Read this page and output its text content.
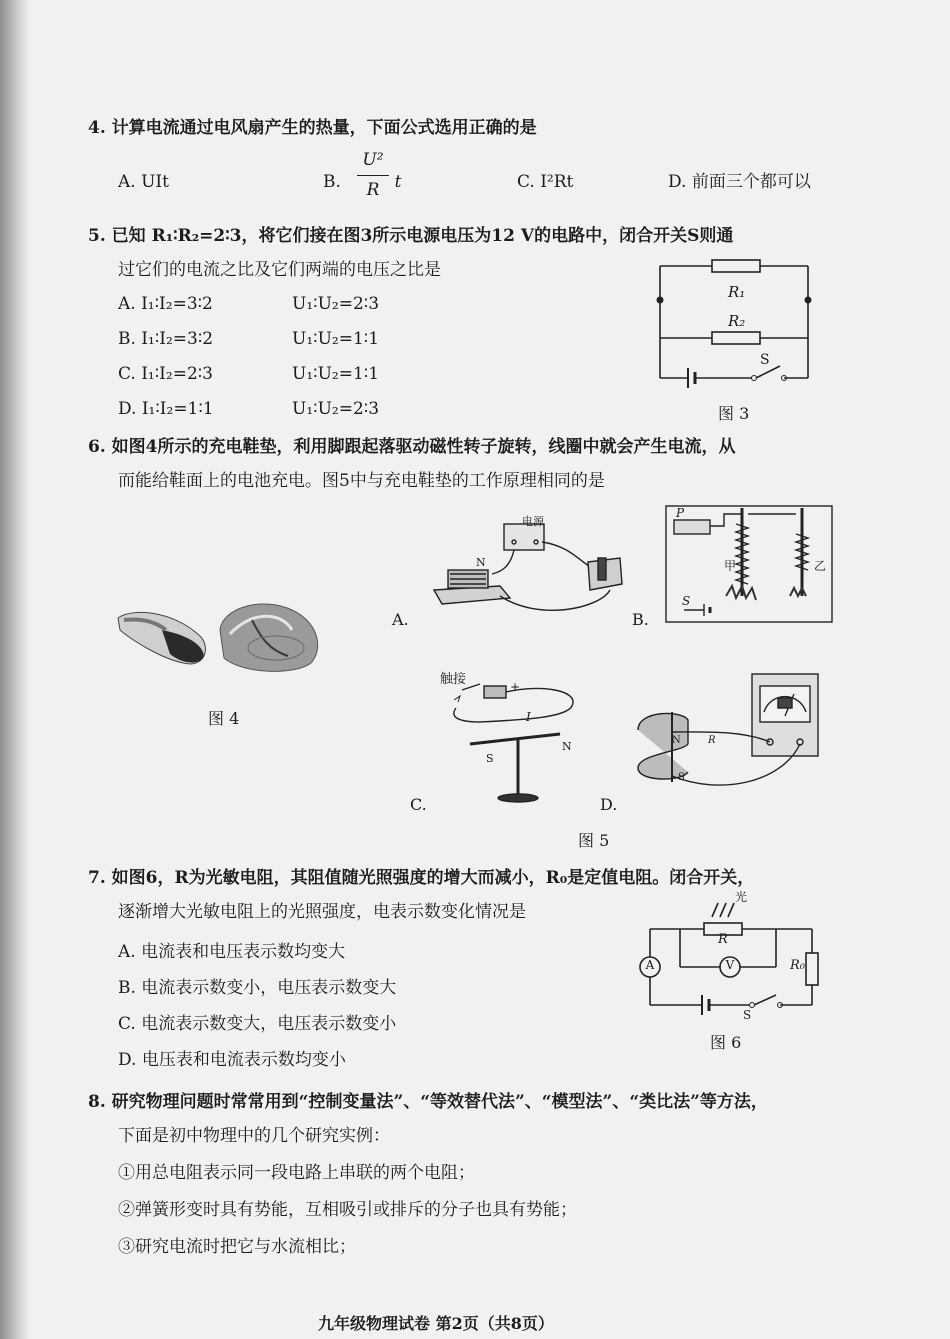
4. 计算电流通过电风扇产生的热量，下面公式选用正确的是
A. UIt	B.
U²
R t	C. I²Rt	D. 前面三个都可以
5. 已知 R₁∶R₂=2∶3，将它们接在图3所示电源电压为12 V的电路中，闭合开关S则通
过它们的电流之比及它们两端的电压之比是
A. I₁∶I₂=3∶2	U₁∶U₂=2∶3
B. I₁∶I₂=3∶2	U₁∶U₂=1∶1
C. I₁∶I₂=2∶3	U₁∶U₂=1∶1
D. I₁∶I₂=1∶1	U₁∶U₂=2∶3
R₁
R₂
S
图 3
6. 如图4所示的充电鞋垫，利用脚跟起落驱动磁性转子旋转，线圈中就会产生电流，从
而能给鞋面上的电池充电。图5中与充电鞋垫的工作原理相同的是
图 4
电源
N
A.
P
甲	乙
S
B.
触接	+
I
S
N
C.
N
S
R
D.
图 5
7. 如图6，R为光敏电阻，其阻值随光照强度的增大而减小，R₀是定值电阻。闭合开关，
逐渐增大光敏电阻上的光照强度，电表示数变化情况是
A. 电流表和电压表示数均变大
B. 电流表示数变小，电压表示数变大
C. 电流表示数变大，电压表示数变小
D. 电压表和电流表示数均变小
光
R
A	V	R₀
S
图 6
8. 研究物理问题时常常用到“控制变量法”、“等效替代法”、“模型法”、“类比法”等方法，
下面是初中物理中的几个研究实例：
①用总电阻表示同一段电路上串联的两个电阻；
②弹簧形变时具有势能，互相吸引或排斥的分子也具有势能；
③研究电流时把它与水流相比；
九年级物理试卷 第2页（共8页）
